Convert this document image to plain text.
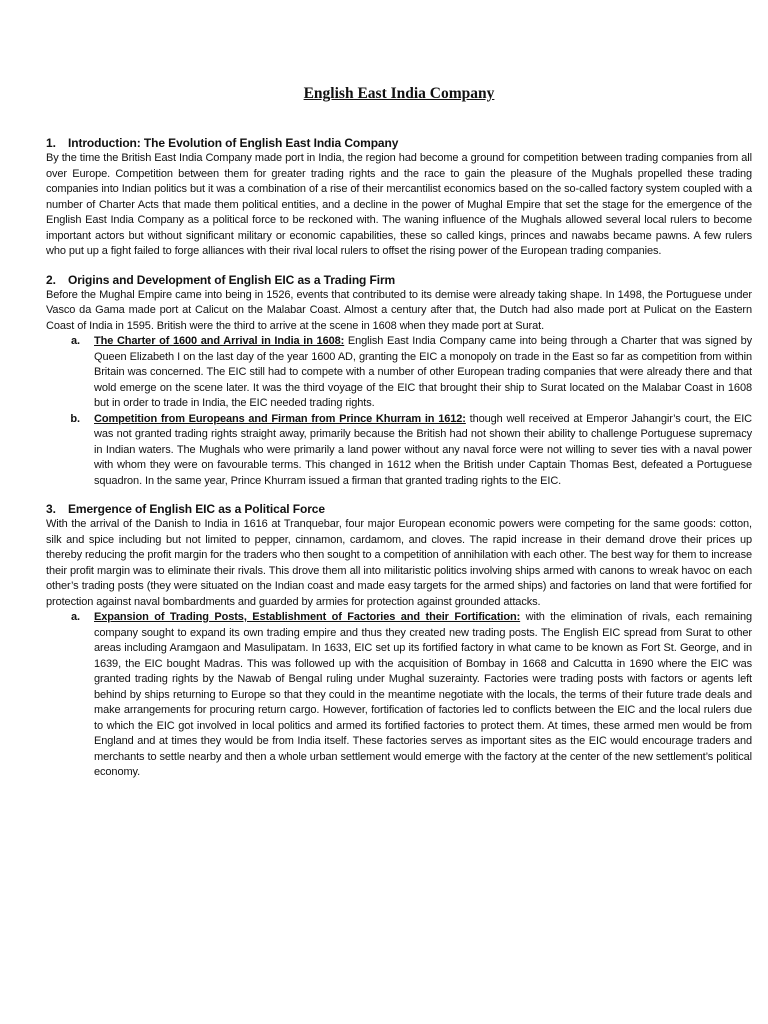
English East India Company
1.	Introduction: The Evolution of English East India Company

By the time the British East India Company made port in India, the region had become a ground for competition between trading companies from all over Europe. Competition between them for greater trading rights and the race to gain the pleasure of the Mughals propelled these trading companies into Indian politics but it was a combination of a rise of their mercantilist economics based on the so-called factory system coupled with a number of Charter Acts that made them political entities, and a decline in the power of Mughal Empire that set the stage for the emergence of the English East India Company as a political force to be reckoned with. The waning influence of the Mughals allowed several local rulers to become important actors but without significant military or economic capabilities, these so called kings, princes and nawabs became pawns. A few rulers who put up a fight failed to forge alliances with their rival local rulers to offset the rising power of the European trading companies.

2.	Origins and Development of English EIC as a Trading Firm

Before the Mughal Empire came into being in 1526, events that contributed to its demise were already taking shape. In 1498, the Portuguese under Vasco da Gama made port at Calicut on the Malabar Coast. Almost a century after that, the Dutch had also made port at Pulicat on the Eastern Coast of India in 1595. British were the third to arrive at the scene in 1608 when they made port at Surat.

a.	The Charter of 1600 and Arrival in India in 1608: English East India Company came into being through a Charter that was signed by Queen Elizabeth I on the last day of the year 1600 AD, granting the EIC a monopoly on trade in the East so far as competition from within Britain was concerned. The EIC still had to compete with a number of other European trading companies that were already there and that wold emerge on the scene later. It was the third voyage of the EIC that brought their ship to Surat located on the Malabar Coast in 1608 but in order to trade in India, the EIC needed trading rights.
b.	Competition from Europeans and Firman from Prince Khurram in 1612: though well received at Emperor Jahangir’s court, the EIC was not granted trading rights straight away, primarily because the British had not shown their ability to challenge Portuguese supremacy in Indian waters. The Mughals who were primarily a land power without any naval force were not willing to sever ties with a naval power with whom they were on favourable terms. This changed in 1612 when the British under Captain Thomas Best, defeated a Portuguese squadron. In the same year, Prince Khurram issued a firman that granted trading rights to the EIC.
3.	Emergence of English EIC as a Political Force

With the arrival of the Danish to India in 1616 at Tranquebar, four major European economic powers were competing for the same goods: cotton, silk and spice including but not limited to pepper, cinnamon, cardamom, and cloves. The rapid increase in their demand drove their prices up thereby reducing the profit margin for the traders who then sought to a competition of annihilation with each other. The best way for them to increase their profit margin was to eliminate their rivals. This drove them all into militaristic politics involving ships armed with canons to wreak havoc on each other’s trading posts (they were situated on the Indian coast and made easy targets for the armed ships) and factories on land that were fortified for protection against naval bombardments and guarded by armies for protection against grounded attacks.

a.	Expansion of Trading Posts, Establishment of Factories and their Fortification: with the elimination of rivals, each remaining company sought to expand its own trading empire and thus they created new trading posts. The English EIC spread from Surat to other areas including Aramgaon and Masulipatam. In 1633, EIC set up its fortified factory in what came to be known as Fort St. George, and in 1639, the EIC bought Madras. This was followed up with the acquisition of Bombay in 1668 and Calcutta in 1690 where the EIC was granted trading rights by the Nawab of Bengal ruling under Mughal suzerainty. Factories were trading posts with factors or agents left behind by ships returning to Europe so that they could in the meantime negotiate with the locals, the terms of their future trade deals and make arrangements for procuring return cargo. However, fortification of factories led to conflicts between the EIC and the local rulers due to which the EIC got involved in local politics and armed its fortified factories to protect them. At times, these armed men would be from England and at times they would be from India itself. These factories serves as important sites as the EIC would encourage traders and merchants to settle nearby and then a whole urban settlement would emerge with the factory at the center of the new settlement’s political economy.
